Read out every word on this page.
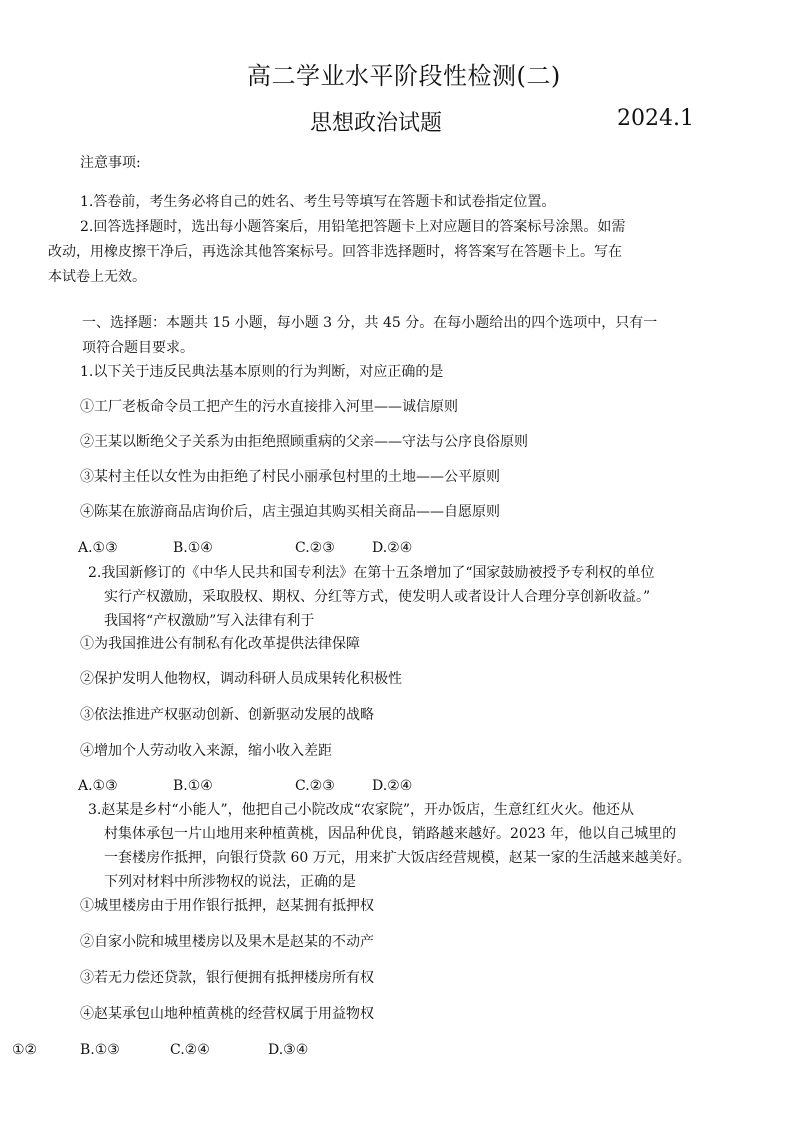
高二学业水平阶段性检测(二)
思想政治试题	2024.1
注意事项:
1.答卷前，考生务必将自己的姓名、考生号等填写在答题卡和试卷指定位置。
2.回答选择题时，选出每小题答案后，用铅笔把答题卡上对应题目的答案标号涂黑。如需
改动，用橡皮擦干净后，再选涂其他答案标号。回答非选择题时，将答案写在答题卡上。写在
本试卷上无效。
一、选择题：本题共 15 小题，每小题 3 分，共 45 分。在每小题给出的四个选项中，只有一
项符合题目要求。
1.以下关于违反民典法基本原则的行为判断，对应正确的是
①工厂老板命令员工把产生的污水直接排入河里——诚信原则
②王某以断绝父子关系为由拒绝照顾重病的父亲——守法与公序良俗原则
③某村主任以女性为由拒绝了村民小丽承包村里的土地——公平原则
④陈某在旅游商品店询价后，店主强迫其购买相关商品——自愿原则
A.①③	B.①④	C.②③	D.②④
2.我国新修订的《中华人民共和国专利法》在第十五条增加了“国家鼓励被授予专利权的单位
实行产权激励，采取股权、期权、分红等方式，使发明人或者设计人合理分享创新收益。”
我国将“产权激励”写入法律有利于
①为我国推进公有制私有化改革提供法律保障
②保护发明人他物权，调动科研人员成果转化积极性
③依法推进产权驱动创新、创新驱动发展的战略
④增加个人劳动收入来源，缩小收入差距
A.①③	B.①④	C.②③	D.②④
3.赵某是乡村“小能人”，他把自己小院改成“农家院”，开办饭店，生意红红火火。他还从
村集体承包一片山地用来种植黄桃，因品种优良，销路越来越好。2023 年，他以自己城里的
一套楼房作抵押，向银行贷款 60 万元，用来扩大饭店经营规模，赵某一家的生活越来越美好。
下列对材料中所涉物权的说法，正确的是
①城里楼房由于用作银行抵押，赵某拥有抵押权
②自家小院和城里楼房以及果木是赵某的不动产
③若无力偿还贷款，银行便拥有抵押楼房所有权
④赵某承包山地种植黄桃的经营权属于用益物权
①②	B.①③	C.②④	D.③④
